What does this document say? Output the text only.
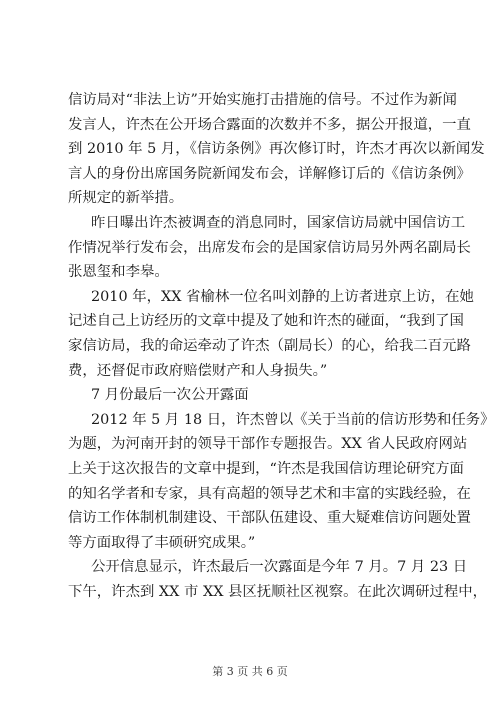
信访局对“非法上访”开始实施打击措施的信号。不过作为新闻
发言人，许杰在公开场合露面的次数并不多，据公开报道，一直
到 2010 年 5 月，《信访条例》再次修订时，许杰才再次以新闻发
言人的身份出席国务院新闻发布会，详解修订后的《信访条例》
所规定的新举措。
昨日曝出许杰被调查的消息同时，国家信访局就中国信访工
作情况举行发布会，出席发布会的是国家信访局另外两名副局长
张恩玺和李皋。
2010 年，XX 省榆林一位名叫刘静的上访者进京上访，在她
记述自己上访经历的文章中提及了她和许杰的碰面，“我到了国
家信访局，我的命运牵动了许杰（副局长）的心，给我二百元路
费，还督促市政府赔偿财产和人身损失。”
7 月份最后一次公开露面
2012 年 5 月 18 日，许杰曾以《关于当前的信访形势和任务》
为题，为河南开封的领导干部作专题报告。XX 省人民政府网站
上关于这次报告的文章中提到，“许杰是我国信访理论研究方面
的知名学者和专家，具有高超的领导艺术和丰富的实践经验，在
信访工作体制机制建设、干部队伍建设、重大疑难信访问题处置
等方面取得了丰硕研究成果。”
公开信息显示，许杰最后一次露面是今年 7 月。7 月 23 日
下午，许杰到 XX 市 XX 县区抚顺社区视察。在此次调研过程中，
第 3 页 共 6 页
